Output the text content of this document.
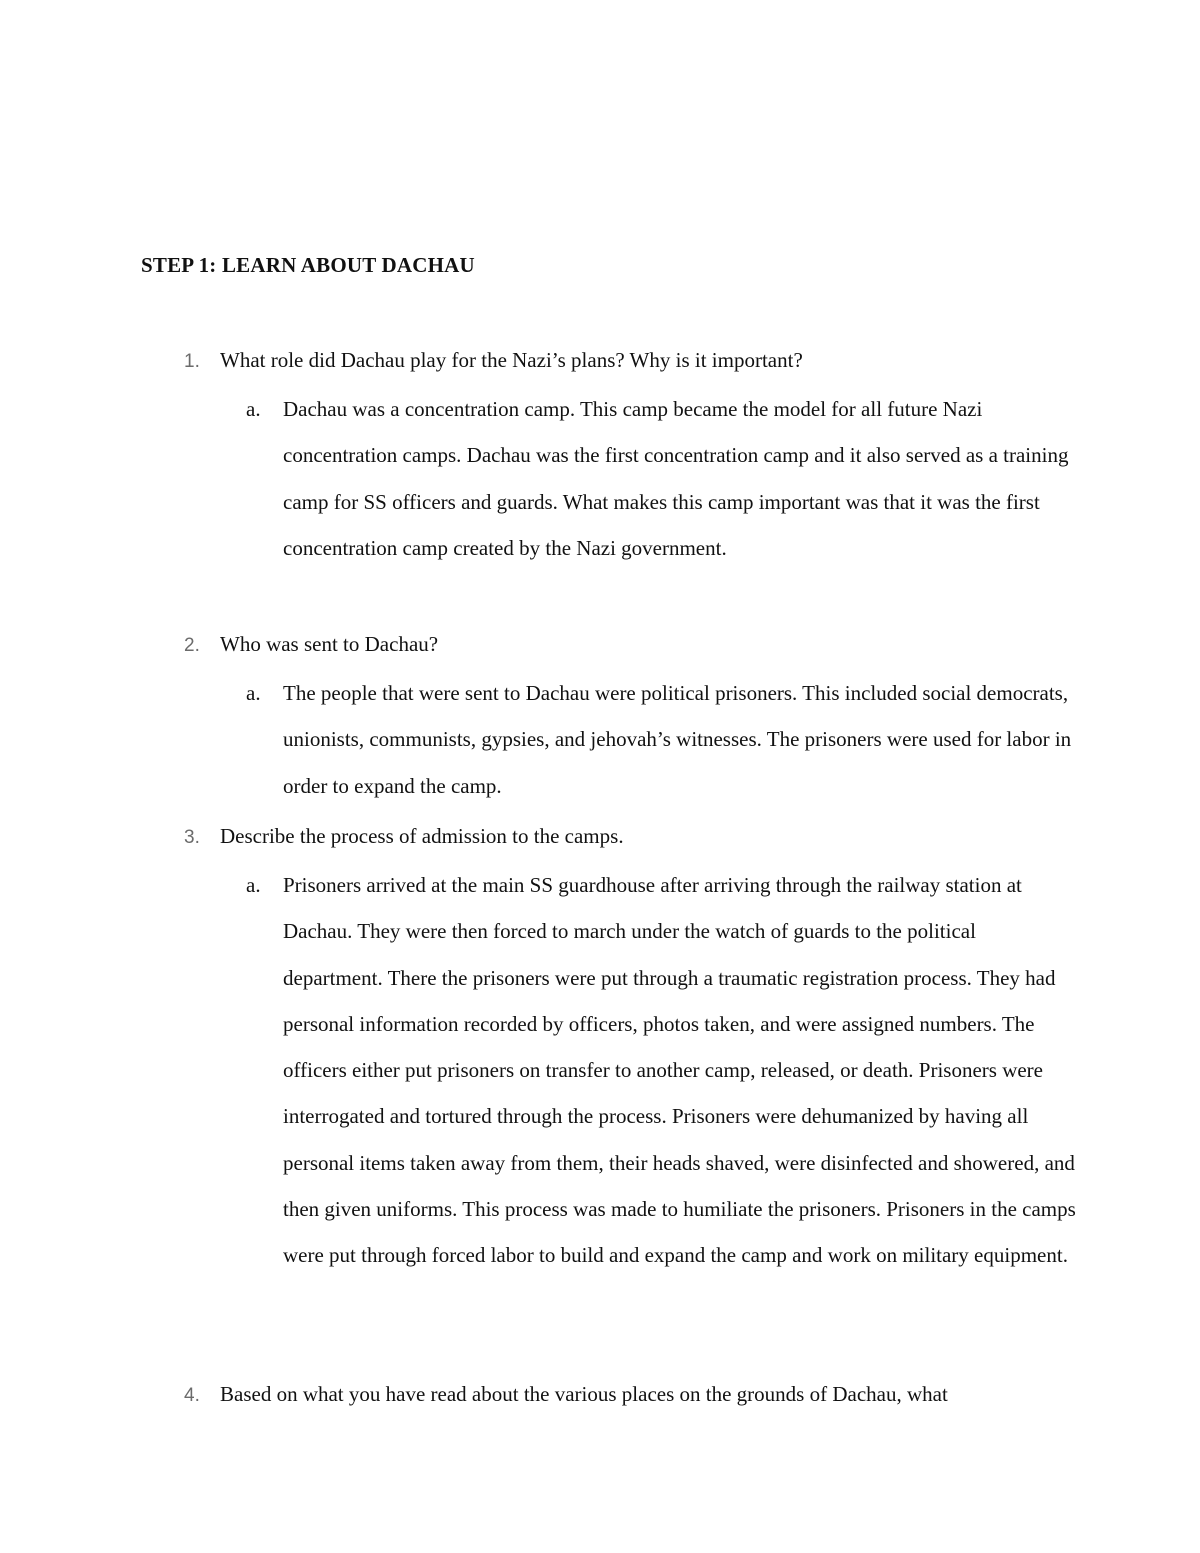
STEP 1: LEARN ABOUT DACHAU
1. What role did Dachau play for the Nazi’s plans? Why is it important?
a. Dachau was a concentration camp. This camp became the model for all future Nazi concentration camps. Dachau was the first concentration camp and it also served as a training camp for SS officers and guards. What makes this camp important was that it was the first concentration camp created by the Nazi government.
2. Who was sent to Dachau?
a. The people that were sent to Dachau were political prisoners. This included social democrats, unionists, communists, gypsies, and jehovah’s witnesses. The prisoners were used for labor in order to expand the camp.
3. Describe the process of admission to the camps.
a. Prisoners arrived at the main SS guardhouse after arriving through the railway station at Dachau. They were then forced to march under the watch of guards to the political department. There the prisoners were put through a traumatic registration process. They had personal information recorded by officers, photos taken, and were assigned numbers. The officers either put prisoners on transfer to another camp, released, or death. Prisoners were interrogated and tortured through the process. Prisoners were dehumanized by having all personal items taken away from them, their heads shaved, were disinfected and showered, and then given uniforms. This process was made to humiliate the prisoners. Prisoners in the camps were put through forced labor to build and expand the camp and work on military equipment.
4. Based on what you have read about the various places on the grounds of Dachau, what
